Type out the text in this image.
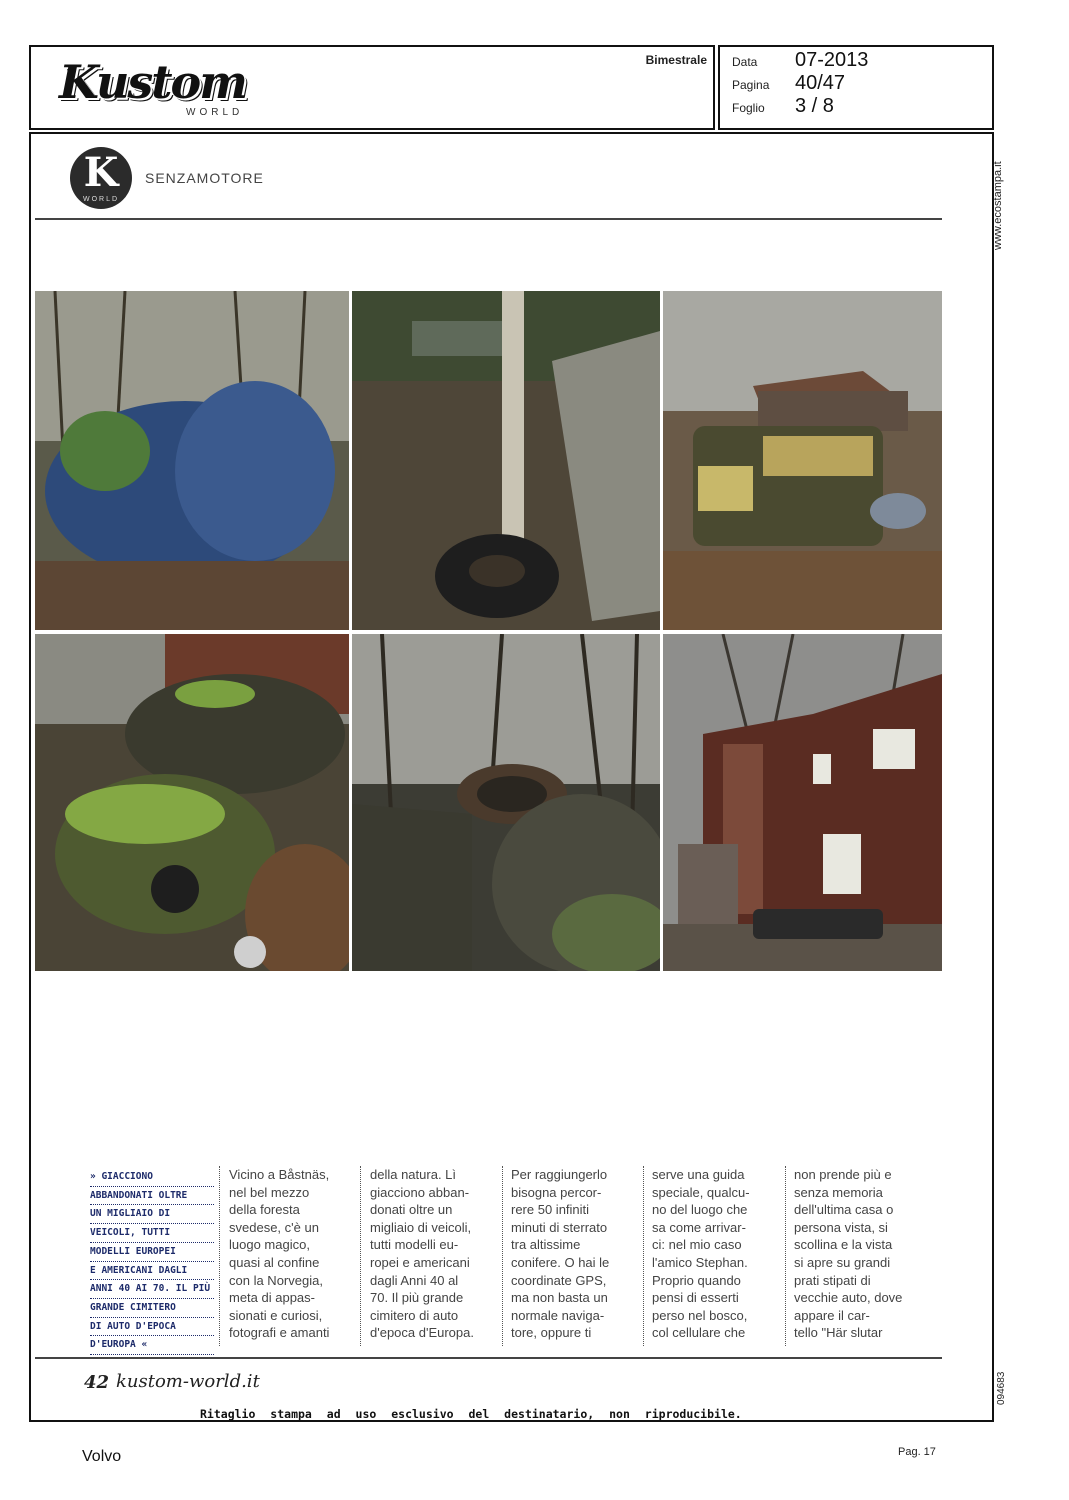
Kustom
WORLD
Bimestrale Data 07-2013
Pagina 40/47
Foglio 3 / 8
K
WORLD
SENZAMOTORE	www.ecostampa.it
094683
» GIACCIONO
ABBANDONATI OLTRE
UN MIGLIAIO DI
VEICOLI, TUTTI
MODELLI EUROPEI
E AMERICANI DAGLI
ANNI 40 AI 70. IL PIÙ
GRANDE CIMITERO
DI AUTO D'EPOCA
D'EUROPA «
Vicino a Båstnäs,
nel bel mezzo
della foresta
svedese, c'è un
luogo magico,
quasi al confine
con la Norvegia,
meta di appas-
sionati e curiosi,
fotografi e amanti
della natura. Lì
giacciono abban-
donati oltre un
migliaio di veicoli,
tutti modelli eu-
ropei e americani
dagli Anni 40 al
70. Il più grande
cimitero di auto
d'epoca d'Europa.
Per raggiungerlo
bisogna percor-
rere 50 infiniti
minuti di sterrato
tra altissime
conifere. O hai le
coordinate GPS,
ma non basta un
normale naviga-
tore, oppure ti
serve una guida
speciale, qualcu-
no del luogo che
sa come arrivar-
ci: nel mio caso
l'amico Stephan.
Proprio quando
pensi di esserti
perso nel bosco,
col cellulare che
non prende più e
senza memoria
dell'ultima casa o
persona vista, si
scollina e la vista
si apre su grandi
prati stipati di
vecchie auto, dove
appare il car-
tello "Här slutar
42 kustom-world.it
Ritaglio stampa ad uso esclusivo del destinatario, non riproducibile.
Volvo	Pag. 17
